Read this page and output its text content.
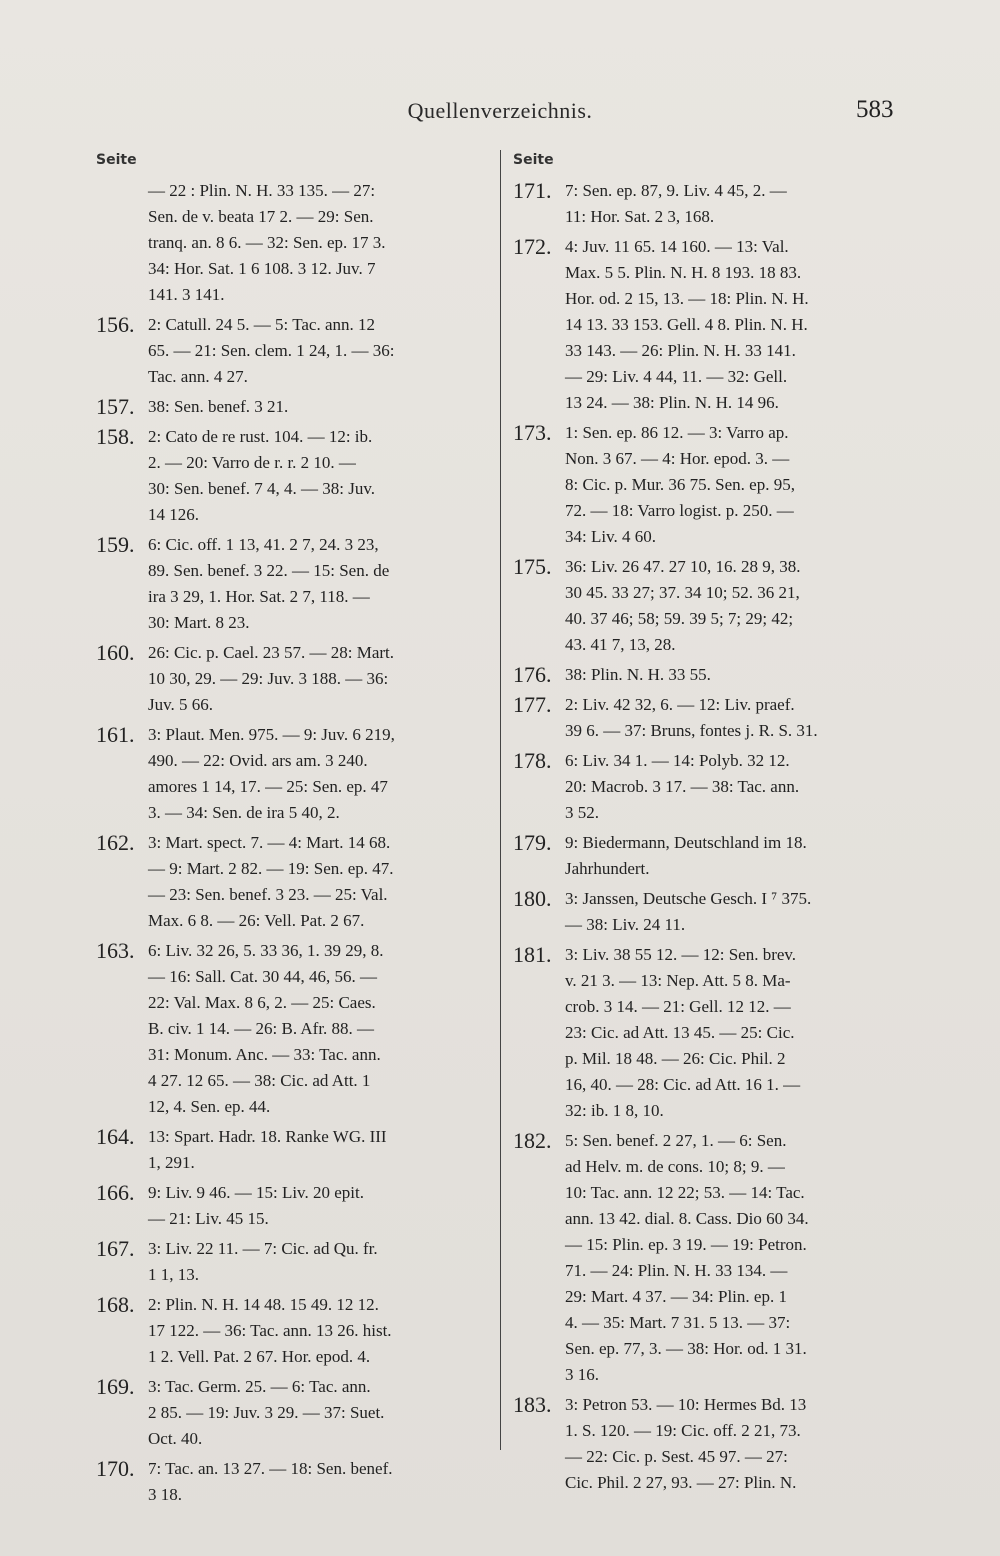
Quellenverzeichnis.	583
Seite	Seite
— 22 : Plin. N. H. 33 135. — 27:
Sen. de v. beata 17 2. — 29: Sen.
tranq. an. 8 6. — 32: Sen. ep. 17 3.
34: Hor. Sat. 1 6 108. 3 12. Juv. 7
141. 3 141.
156. 2: Catull. 24 5. — 5: Tac. ann. 12
65. — 21: Sen. clem. 1 24, 1. — 36:
Tac. ann. 4 27.
157. 38: Sen. benef. 3 21.
158. 2: Cato de re rust. 104. — 12: ib.
2. — 20: Varro de r. r. 2 10. —
30: Sen. benef. 7 4, 4. — 38: Juv.
14 126.
159. 6: Cic. off. 1 13, 41. 2 7, 24. 3 23,
89. Sen. benef. 3 22. — 15: Sen. de
ira 3 29, 1. Hor. Sat. 2 7, 118. —
30: Mart. 8 23.
160. 26: Cic. p. Cael. 23 57. — 28: Mart.
10 30, 29. — 29: Juv. 3 188. — 36:
Juv. 5 66.
161. 3: Plaut. Men. 975. — 9: Juv. 6 219,
490. — 22: Ovid. ars am. 3 240.
amores 1 14, 17. — 25: Sen. ep. 47
3. — 34: Sen. de ira 5 40, 2.
162. 3: Mart. spect. 7. — 4: Mart. 14 68.
— 9: Mart. 2 82. — 19: Sen. ep. 47.
— 23: Sen. benef. 3 23. — 25: Val.
Max. 6 8. — 26: Vell. Pat. 2 67.
163. 6: Liv. 32 26, 5. 33 36, 1. 39 29, 8.
— 16: Sall. Cat. 30 44, 46, 56. —
22: Val. Max. 8 6, 2. — 25: Caes.
B. civ. 1 14. — 26: B. Afr. 88. —
31: Monum. Anc. — 33: Tac. ann.
4 27. 12 65. — 38: Cic. ad Att. 1
12, 4. Sen. ep. 44.
164. 13: Spart. Hadr. 18. Ranke WG. III
1, 291.
166. 9: Liv. 9 46. — 15: Liv. 20 epit.
— 21: Liv. 45 15.
167. 3: Liv. 22 11. — 7: Cic. ad Qu. fr.
1 1, 13.
168. 2: Plin. N. H. 14 48. 15 49. 12 12.
17 122. — 36: Tac. ann. 13 26. hist.
1 2. Vell. Pat. 2 67. Hor. epod. 4.
169. 3: Tac. Germ. 25. — 6: Tac. ann.
2 85. — 19: Juv. 3 29. — 37: Suet.
Oct. 40.
170. 7: Tac. an. 13 27. — 18: Sen. benef.
3 18.
171. 7: Sen. ep. 87, 9. Liv. 4 45, 2. —
11: Hor. Sat. 2 3, 168.
172. 4: Juv. 11 65. 14 160. — 13: Val.
Max. 5 5. Plin. N. H. 8 193. 18 83.
Hor. od. 2 15, 13. — 18: Plin. N. H.
14 13. 33 153. Gell. 4 8. Plin. N. H.
33 143. — 26: Plin. N. H. 33 141.
— 29: Liv. 4 44, 11. — 32: Gell.
13 24. — 38: Plin. N. H. 14 96.
173. 1: Sen. ep. 86 12. — 3: Varro ap.
Non. 3 67. — 4: Hor. epod. 3. —
8: Cic. p. Mur. 36 75. Sen. ep. 95,
72. — 18: Varro logist. p. 250. —
34: Liv. 4 60.
175. 36: Liv. 26 47. 27 10, 16. 28 9, 38.
30 45. 33 27; 37. 34 10; 52. 36 21,
40. 37 46; 58; 59. 39 5; 7; 29; 42;
43. 41 7, 13, 28.
176. 38: Plin. N. H. 33 55.
177. 2: Liv. 42 32, 6. — 12: Liv. praef.
39 6. — 37: Bruns, fontes j. R. S. 31.
178. 6: Liv. 34 1. — 14: Polyb. 32 12.
20: Macrob. 3 17. — 38: Tac. ann.
3 52.
179. 9: Biedermann, Deutschland im 18.
Jahrhundert.
180. 3: Janssen, Deutsche Gesch. I ⁷ 375.
— 38: Liv. 24 11.
181. 3: Liv. 38 55 12. — 12: Sen. brev.
v. 21 3. — 13: Nep. Att. 5 8. Ma-
crob. 3 14. — 21: Gell. 12 12. —
23: Cic. ad Att. 13 45. — 25: Cic.
p. Mil. 18 48. — 26: Cic. Phil. 2
16, 40. — 28: Cic. ad Att. 16 1. —
32: ib. 1 8, 10.
182. 5: Sen. benef. 2 27, 1. — 6: Sen.
ad Helv. m. de cons. 10; 8; 9. —
10: Tac. ann. 12 22; 53. — 14: Tac.
ann. 13 42. dial. 8. Cass. Dio 60 34.
— 15: Plin. ep. 3 19. — 19: Petron.
71. — 24: Plin. N. H. 33 134. —
29: Mart. 4 37. — 34: Plin. ep. 1
4. — 35: Mart. 7 31. 5 13. — 37:
Sen. ep. 77, 3. — 38: Hor. od. 1 31.
3 16.
183. 3: Petron 53. — 10: Hermes Bd. 13
1. S. 120. — 19: Cic. off. 2 21, 73.
— 22: Cic. p. Sest. 45 97. — 27:
Cic. Phil. 2 27, 93. — 27: Plin. N.
